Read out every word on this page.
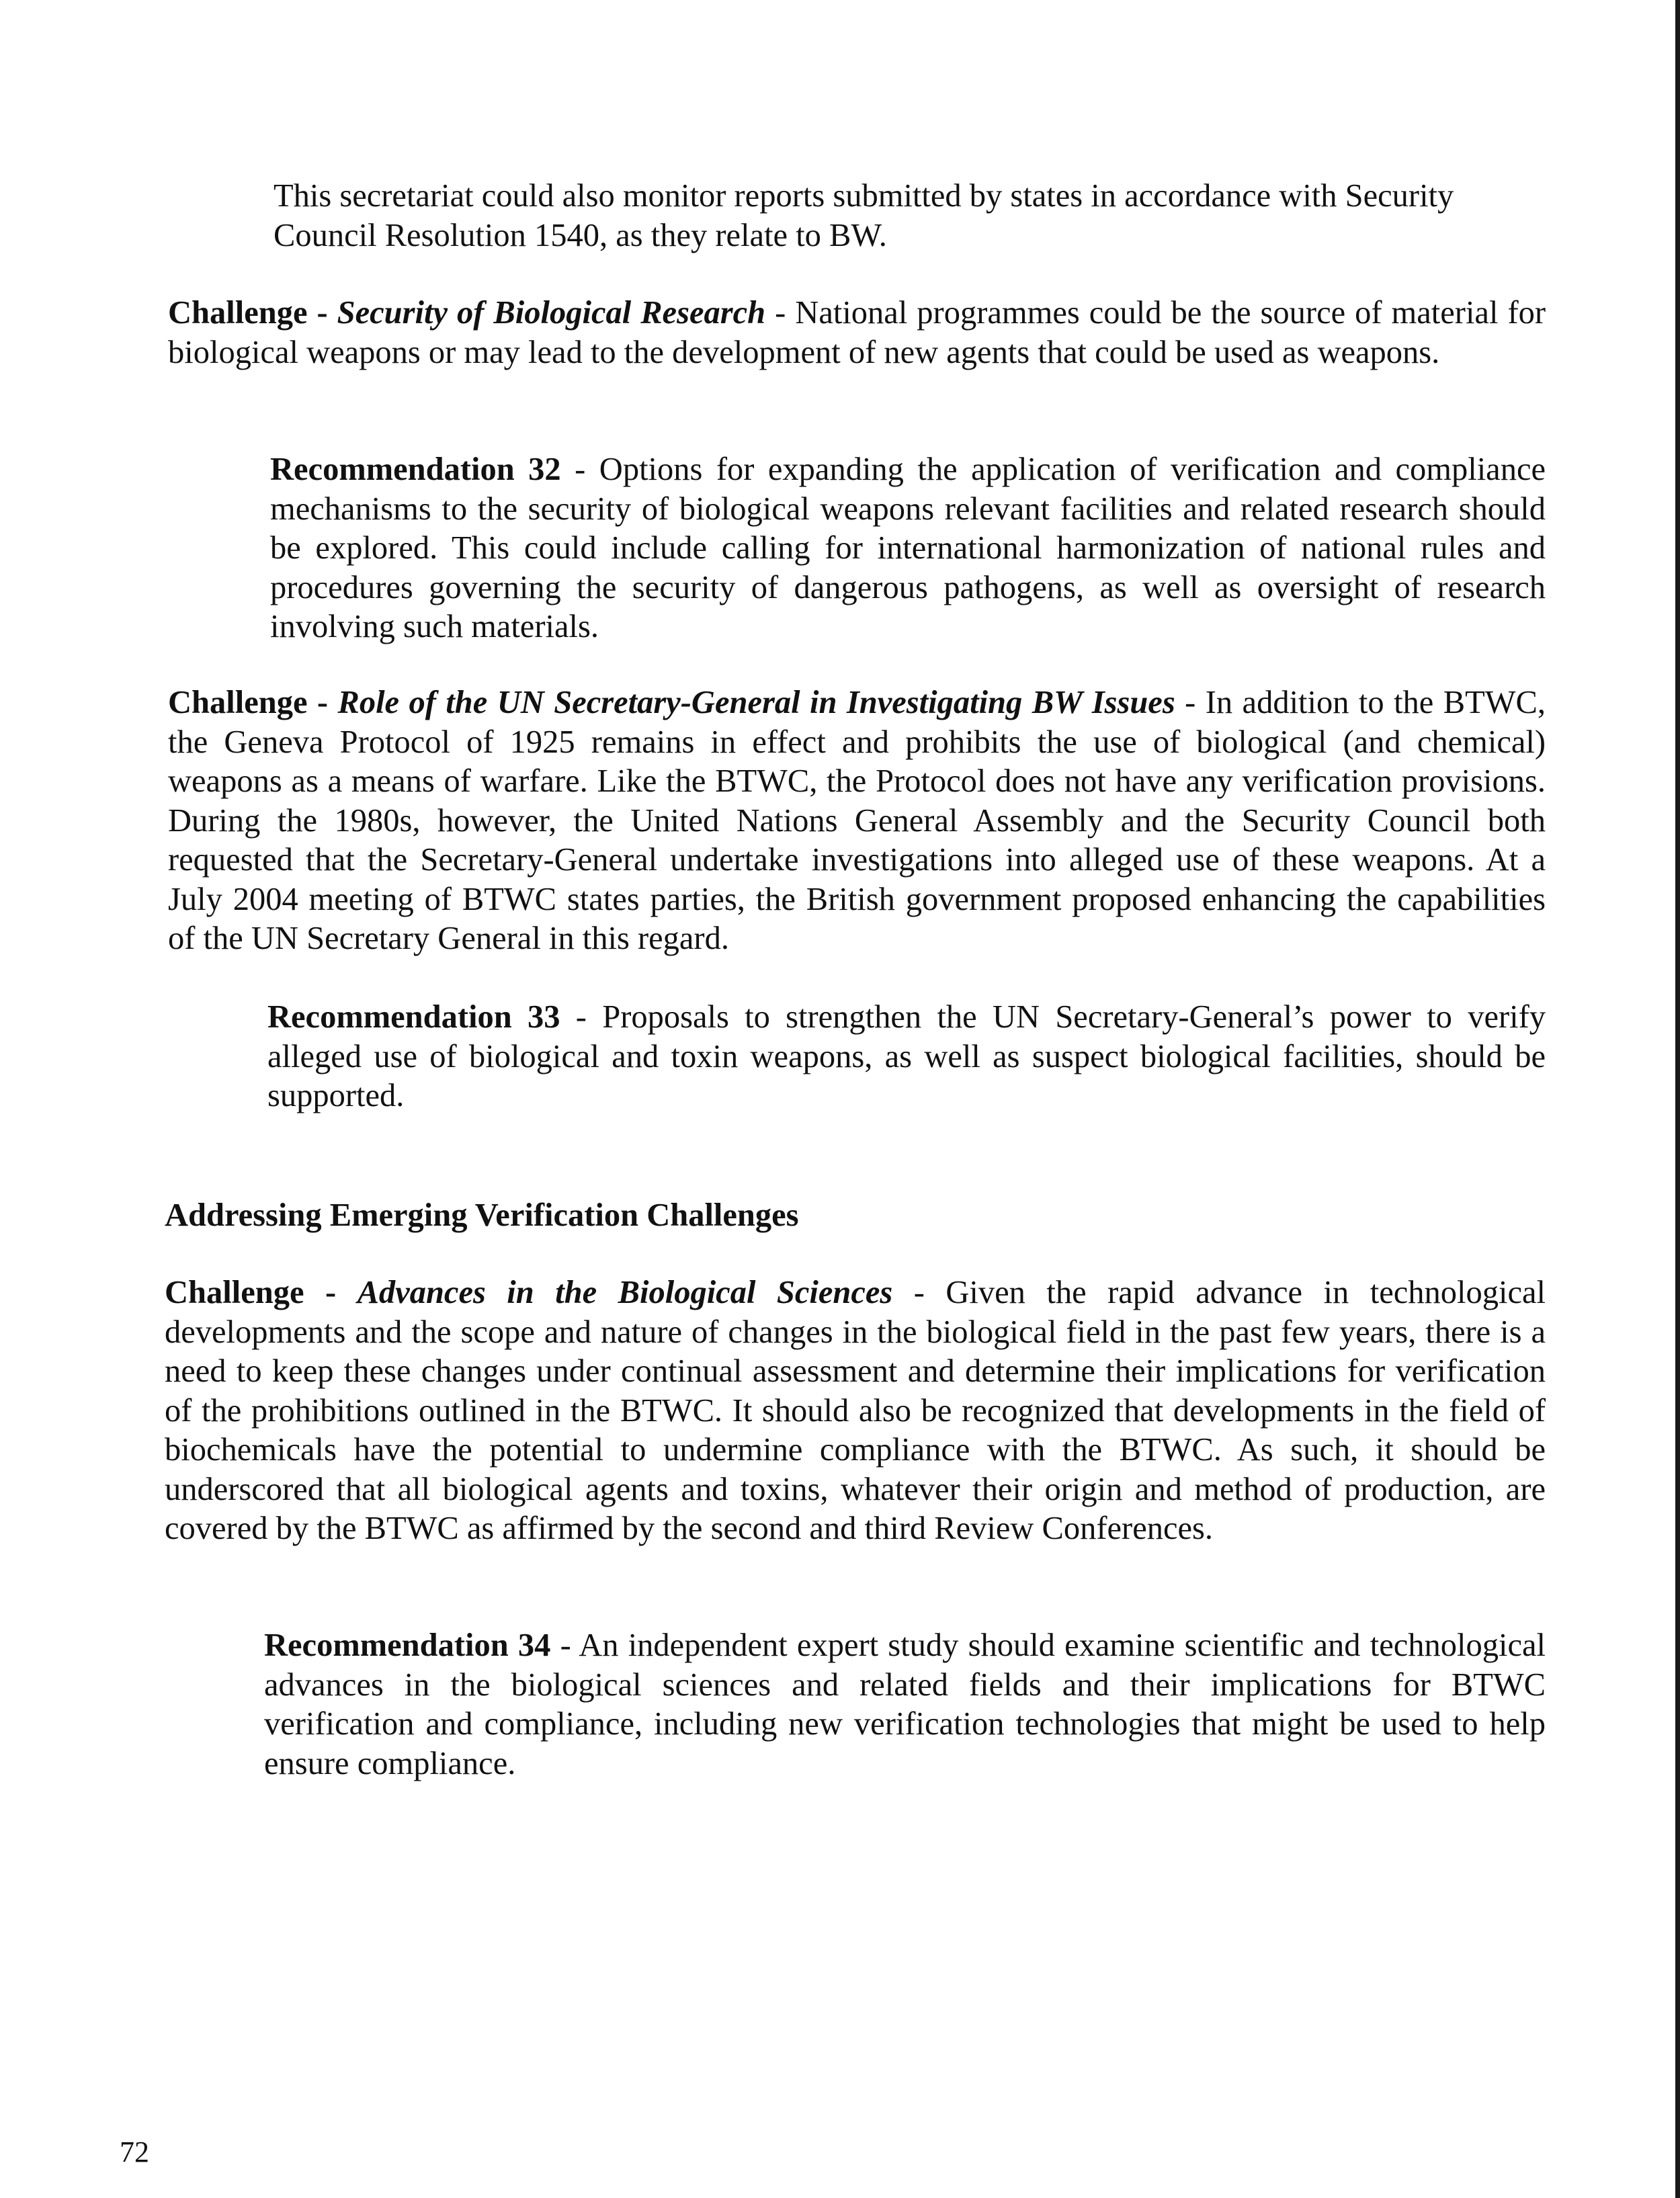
This secretariat could also monitor reports submitted by states in accordance with Security Council Resolution 1540, as they relate to BW.

Challenge - Security of Biological Research - National programmes could be the source of material for biological weapons or may lead to the development of new agents that could be used as weapons.

Recommendation 32 - Options for expanding the application of verification and compliance mechanisms to the security of biological weapons relevant facilities and related research should be explored. This could include calling for international harmonization of national rules and procedures governing the security of dangerous pathogens, as well as oversight of research involving such materials.

Challenge - Role of the UN Secretary-General in Investigating BW Issues - In addition to the BTWC, the Geneva Protocol of 1925 remains in effect and prohibits the use of biological (and chemical) weapons as a means of warfare. Like the BTWC, the Protocol does not have any verification provisions. During the 1980s, however, the United Nations General Assembly and the Security Council both requested that the Secretary-General undertake investigations into alleged use of these weapons. At a July 2004 meeting of BTWC states parties, the British government proposed enhancing the capabilities of the UN Secretary General in this regard.

Recommendation 33 - Proposals to strengthen the UN Secretary-General’s power to verify alleged use of biological and toxin weapons, as well as suspect biological facilities, should be supported.

Addressing Emerging Verification Challenges

Challenge - Advances in the Biological Sciences - Given the rapid advance in technological developments and the scope and nature of changes in the biological field in the past few years, there is a need to keep these changes under continual assessment and determine their implications for verification of the prohibitions outlined in the BTWC. It should also be recognized that developments in the field of biochemicals have the potential to undermine compliance with the BTWC. As such, it should be underscored that all biological agents and toxins, whatever their origin and method of production, are covered by the BTWC as affirmed by the second and third Review Conferences.

Recommendation 34 - An independent expert study should examine scientific and technological advances in the biological sciences and related fields and their implications for BTWC verification and compliance, including new verification technologies that might be used to help ensure compliance.

72
